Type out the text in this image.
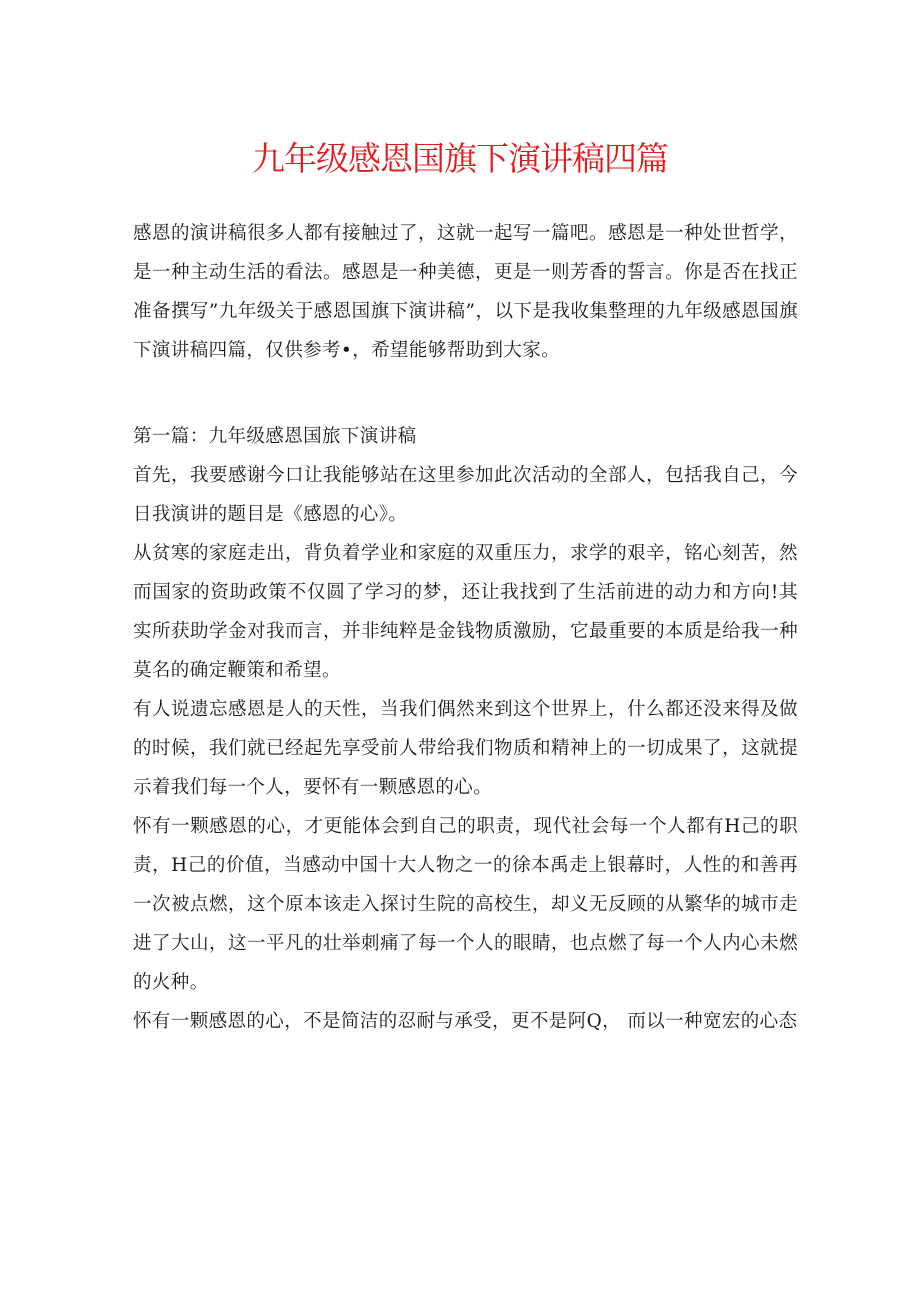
九年级感恩国旗下演讲稿四篇

感恩的演讲稿很多人都有接触过了，这就一起写一篇吧。感恩是一种处世哲学，是一种主动生活的看法。感恩是一种美德，更是一则芳香的誓言。你是否在找正准备撰写”九年级关于感恩国旗下演讲稿”，以下是我收集整理的九年级感恩国旗下演讲稿四篇，仅供参考•，希望能够帮助到大家。

第一篇：九年级感恩国旅下演讲稿

首先，我要感谢今口让我能够站在这里参加此次活动的全部人，包括我自己，今日我演讲的题目是《感恩的心》。

从贫寒的家庭走出，背负着学业和家庭的双重压力，求学的艰辛，铭心刻苦，然而国家的资助政策不仅圆了学习的梦，还让我找到了生活前进的动力和方向!其实所获助学金对我而言，并非纯粹是金钱物质激励，它最重要的本质是给我一种莫名的确定鞭策和希望。

有人说遗忘感恩是人的天性，当我们偶然来到这个世界上，什么都还没来得及做的时候，我们就已经起先享受前人带给我们物质和精神上的一切成果了，这就提示着我们每一个人，要怀有一颗感恩的心。

怀有一颗感恩的心，才更能体会到自己的职责，现代社会每一个人都有H己的职责，H己的价值，当感动中国十大人物之一的徐本禹走上银幕时，人性的和善再一次被点燃，这个原本该走入探讨生院的高校生，却义无反顾的从繁华的城市走进了大山，这一平凡的壮举刺痛了每一个人的眼睛，也点燃了每一个人内心未燃的火种。

怀有一颗感恩的心，不是简洁的忍耐与承受，更不是阿Q， 而以一种宽宏的心态
